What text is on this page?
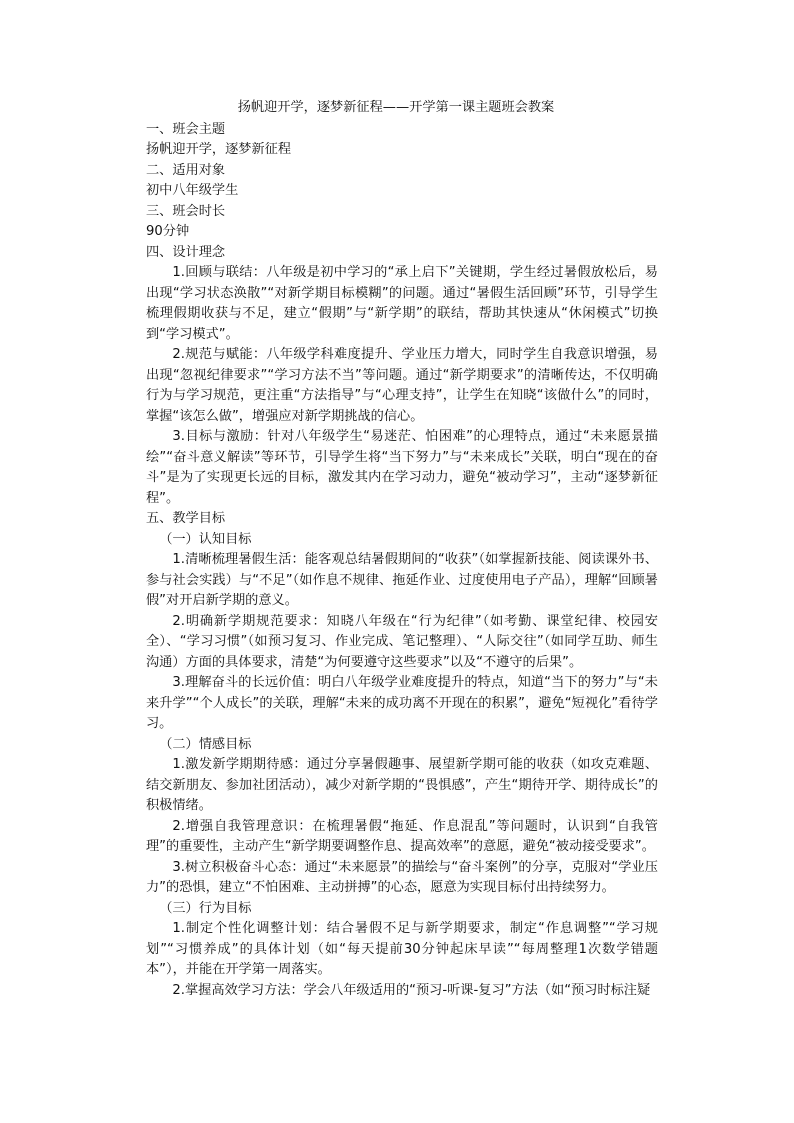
扬帆迎开学，逐梦新征程——开学第一课主题班会教案

一、班会主题

扬帆迎开学，逐梦新征程

二、适用对象

初中八年级学生

三、班会时长

90分钟

四、设计理念

1.回顾与联结：八年级是初中学习的“承上启下”关键期，学生经过暑假放松后，易出现“学习状态涣散”“对新学期目标模糊”的问题。通过“暑假生活回顾”环节，引导学生梳理假期收获与不足，建立“假期”与“新学期”的联结，帮助其快速从“休闲模式”切换到“学习模式”。

2.规范与赋能：八年级学科难度提升、学业压力增大，同时学生自我意识增强，易出现“忽视纪律要求”“学习方法不当”等问题。通过“新学期要求”的清晰传达，不仅明确行为与学习规范，更注重“方法指导”与“心理支持”，让学生在知晓“该做什么”的同时，掌握“该怎么做”，增强应对新学期挑战的信心。

3.目标与激励：针对八年级学生“易迷茫、怕困难”的心理特点，通过“未来愿景描绘”“奋斗意义解读”等环节，引导学生将“当下努力”与“未来成长”关联，明白“现在的奋斗”是为了实现更长远的目标，激发其内在学习动力，避免“被动学习”，主动“逐梦新征程”。

五、教学目标

（一）认知目标

1.清晰梳理暑假生活：能客观总结暑假期间的“收获”（如掌握新技能、阅读课外书、参与社会实践）与“不足”（如作息不规律、拖延作业、过度使用电子产品），理解“回顾暑假”对开启新学期的意义。

2.明确新学期规范要求：知晓八年级在“行为纪律”（如考勤、课堂纪律、校园安全）、“学习习惯”（如预习复习、作业完成、笔记整理）、“人际交往”（如同学互助、师生沟通）方面的具体要求，清楚“为何要遵守这些要求”以及“不遵守的后果”。

3.理解奋斗的长远价值：明白八年级学业难度提升的特点，知道“当下的努力”与“未来升学”“个人成长”的关联，理解“未来的成功离不开现在的积累”，避免“短视化”看待学习。

（二）情感目标

1.激发新学期期待感：通过分享暑假趣事、展望新学期可能的收获（如攻克难题、结交新朋友、参加社团活动），减少对新学期的“畏惧感”，产生“期待开学、期待成长”的积极情绪。

2.增强自我管理意识：在梳理暑假“拖延、作息混乱”等问题时，认识到“自我管理”的重要性，主动产生“新学期要调整作息、提高效率”的意愿，避免“被动接受要求”。

3.树立积极奋斗心态：通过“未来愿景”的描绘与“奋斗案例”的分享，克服对“学业压力”的恐惧，建立“不怕困难、主动拼搏”的心态，愿意为实现目标付出持续努力。

（三）行为目标

1.制定个性化调整计划：结合暑假不足与新学期要求，制定“作息调整”“学习规划”“习惯养成”的具体计划（如“每天提前30分钟起床早读”“每周整理1次数学错题本”），并能在开学第一周落实。

2.掌握高效学习方法：学会八年级适用的“预习-听课-复习”方法（如“预习时标注疑
